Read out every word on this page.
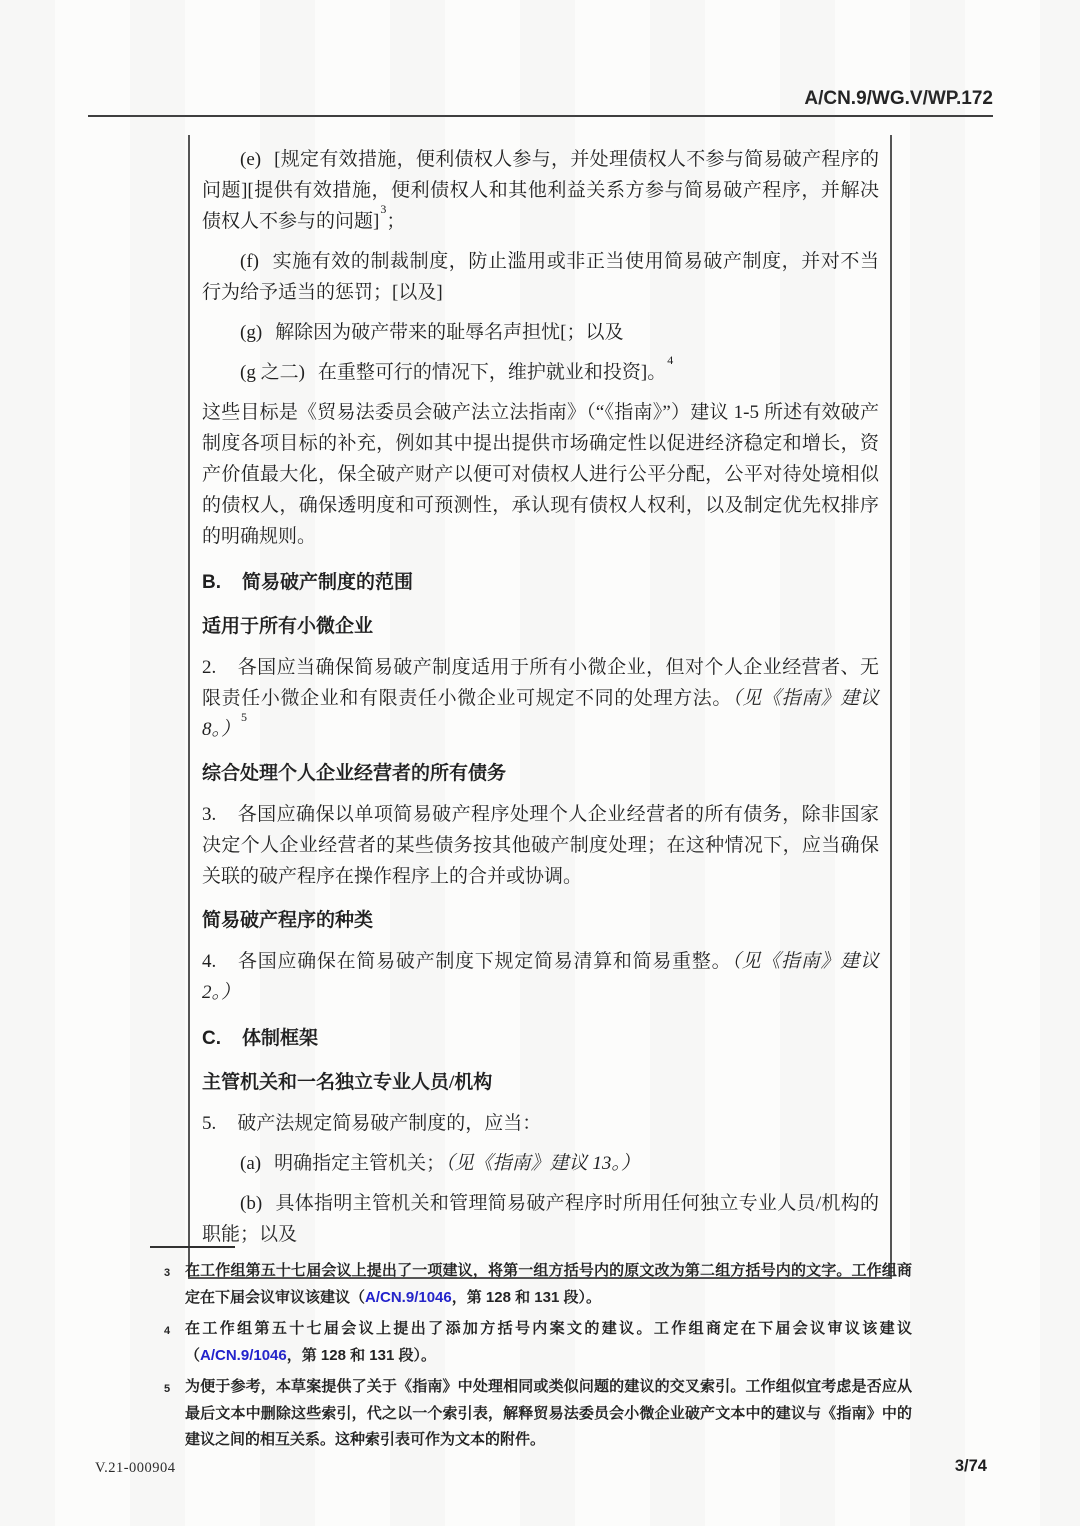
A/CN.9/WG.V/WP.172

(e) [规定有效措施，便利债权人参与，并处理债权人不参与简易破产程序的问题][提供有效措施，便利债权人和其他利益关系方参与简易破产程序，并解决债权人不参与的问题]$^3$；

(f) 实施有效的制裁制度，防止滥用或非正当使用简易破产制度，并对不当行为给予适当的惩罚；[以及]

(g) 解除因为破产带来的耻辱名声担忧[；以及

(g 之二) 在重整可行的情况下，维护就业和投资]。$^4$

这些目标是《贸易法委员会破产法立法指南》（“《指南》”）建议 1-5 所述有效破产制度各项目标的补充，例如其中提出提供市场确定性以促进经济稳定和增长，资产价值最大化，保全破产财产以便可对债权人进行公平分配，公平对待处境相似的债权人，确保透明度和可预测性，承认现有债权人权利，以及制定优先权排序的明确规则。

B. 简易破产制度的范围

适用于所有小微企业

2. 各国应当确保简易破产制度适用于所有小微企业，但对个人企业经营者、无限责任小微企业和有限责任小微企业可规定不同的处理方法。（见《指南》建议 8。）$^5$

综合处理个人企业经营者的所有债务

3. 各国应确保以单项简易破产程序处理个人企业经营者的所有债务，除非国家决定个人企业经营者的某些债务按其他破产制度处理；在这种情况下，应当确保关联的破产程序在操作程序上的合并或协调。

简易破产程序的种类

4. 各国应确保在简易破产制度下规定简易清算和简易重整。（见《指南》建议 2。）

C. 体制框架

主管机关和一名独立专业人员/机构

5. 破产法规定简易破产制度的，应当：

(a) 明确指定主管机关；（见《指南》建议 13。）

(b) 具体指明主管机关和管理简易破产程序时所用任何独立专业人员/机构的职能；以及

3 在工作组第五十七届会议上提出了一项建议，将第一组方括号内的原文改为第二组方括号内的文字。工作组商定在下届会议审议该建议（A/CN.9/1046，第 128 和 131 段）。
4 在工作组第五十七届会议上提出了添加方括号内案文的建议。工作组商定在下届会议审议该建议（A/CN.9/1046，第 128 和 131 段）。
5 为便于参考，本草案提供了关于《指南》中处理相同或类似问题的建议的交叉索引。工作组似宜考虑是否应从最后文本中删除这些索引，代之以一个索引表，解释贸易法委员会小微企业破产文本中的建议与《指南》中的建议之间的相互关系。这种索引表可作为文本的附件。
V.21-000904	3/74
